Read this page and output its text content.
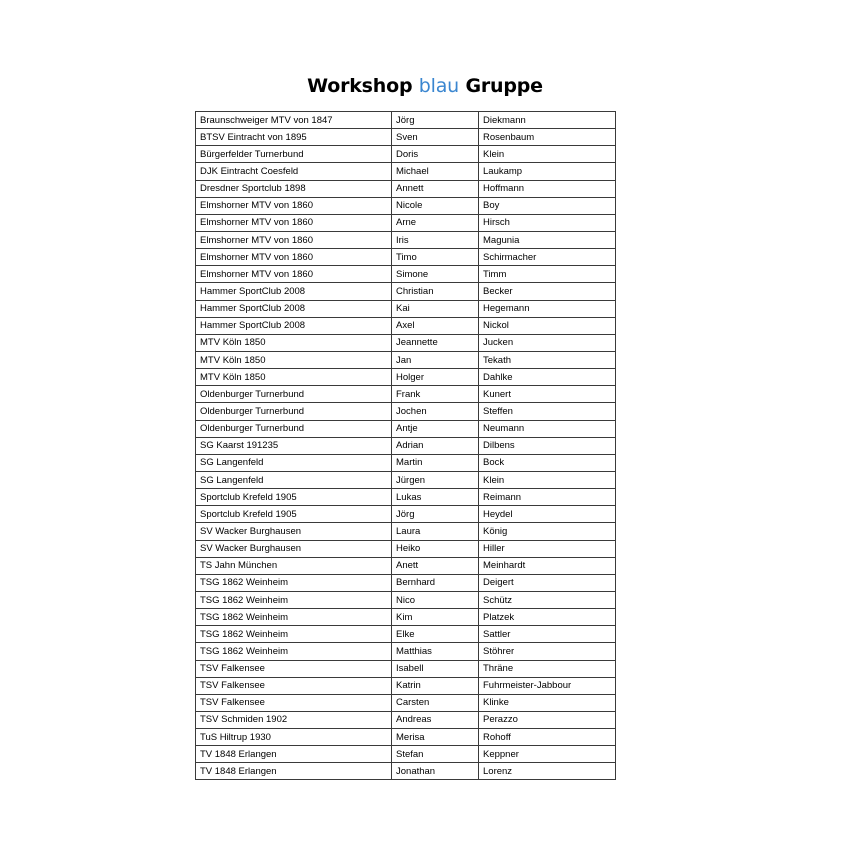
Workshop blau Gruppe
Braunschweiger MTV von 1847	Jörg	Diekmann
BTSV Eintracht von 1895	Sven	Rosenbaum
Bürgerfelder Turnerbund	Doris	Klein
DJK Eintracht Coesfeld	Michael	Laukamp
Dresdner Sportclub 1898	Annett	Hoffmann
Elmshorner MTV von 1860	Nicole	Boy
Elmshorner MTV von 1860	Arne	Hirsch
Elmshorner MTV von 1860	Iris	Magunia
Elmshorner MTV von 1860	Timo	Schirmacher
Elmshorner MTV von 1860	Simone	Timm
Hammer SportClub 2008	Christian	Becker
Hammer SportClub 2008	Kai	Hegemann
Hammer SportClub 2008	Axel	Nickol
MTV Köln 1850	Jeannette	Jucken
MTV Köln 1850	Jan	Tekath
MTV Köln 1850	Holger	Dahlke
Oldenburger Turnerbund	Frank	Kunert
Oldenburger Turnerbund	Jochen	Steffen
Oldenburger Turnerbund	Antje	Neumann
SG Kaarst 191235	Adrian	Dilbens
SG Langenfeld	Martin	Bock
SG Langenfeld	Jürgen	Klein
Sportclub Krefeld 1905	Lukas	Reimann
Sportclub Krefeld 1905	Jörg	Heydel
SV Wacker Burghausen	Laura	König
SV Wacker Burghausen	Heiko	Hiller
TS Jahn München	Anett	Meinhardt
TSG 1862 Weinheim	Bernhard	Deigert
TSG 1862 Weinheim	Nico	Schütz
TSG 1862 Weinheim	Kim	Platzek
TSG 1862 Weinheim	Elke	Sattler
TSG 1862 Weinheim	Matthias	Stöhrer
TSV Falkensee	Isabell	Thräne
TSV Falkensee	Katrin	Fuhrmeister-Jabbour
TSV Falkensee	Carsten	Klinke
TSV Schmiden 1902	Andreas	Perazzo
TuS Hiltrup 1930	Merisa	Rohoff
TV 1848 Erlangen	Stefan	Keppner
TV 1848 Erlangen	Jonathan	Lorenz
